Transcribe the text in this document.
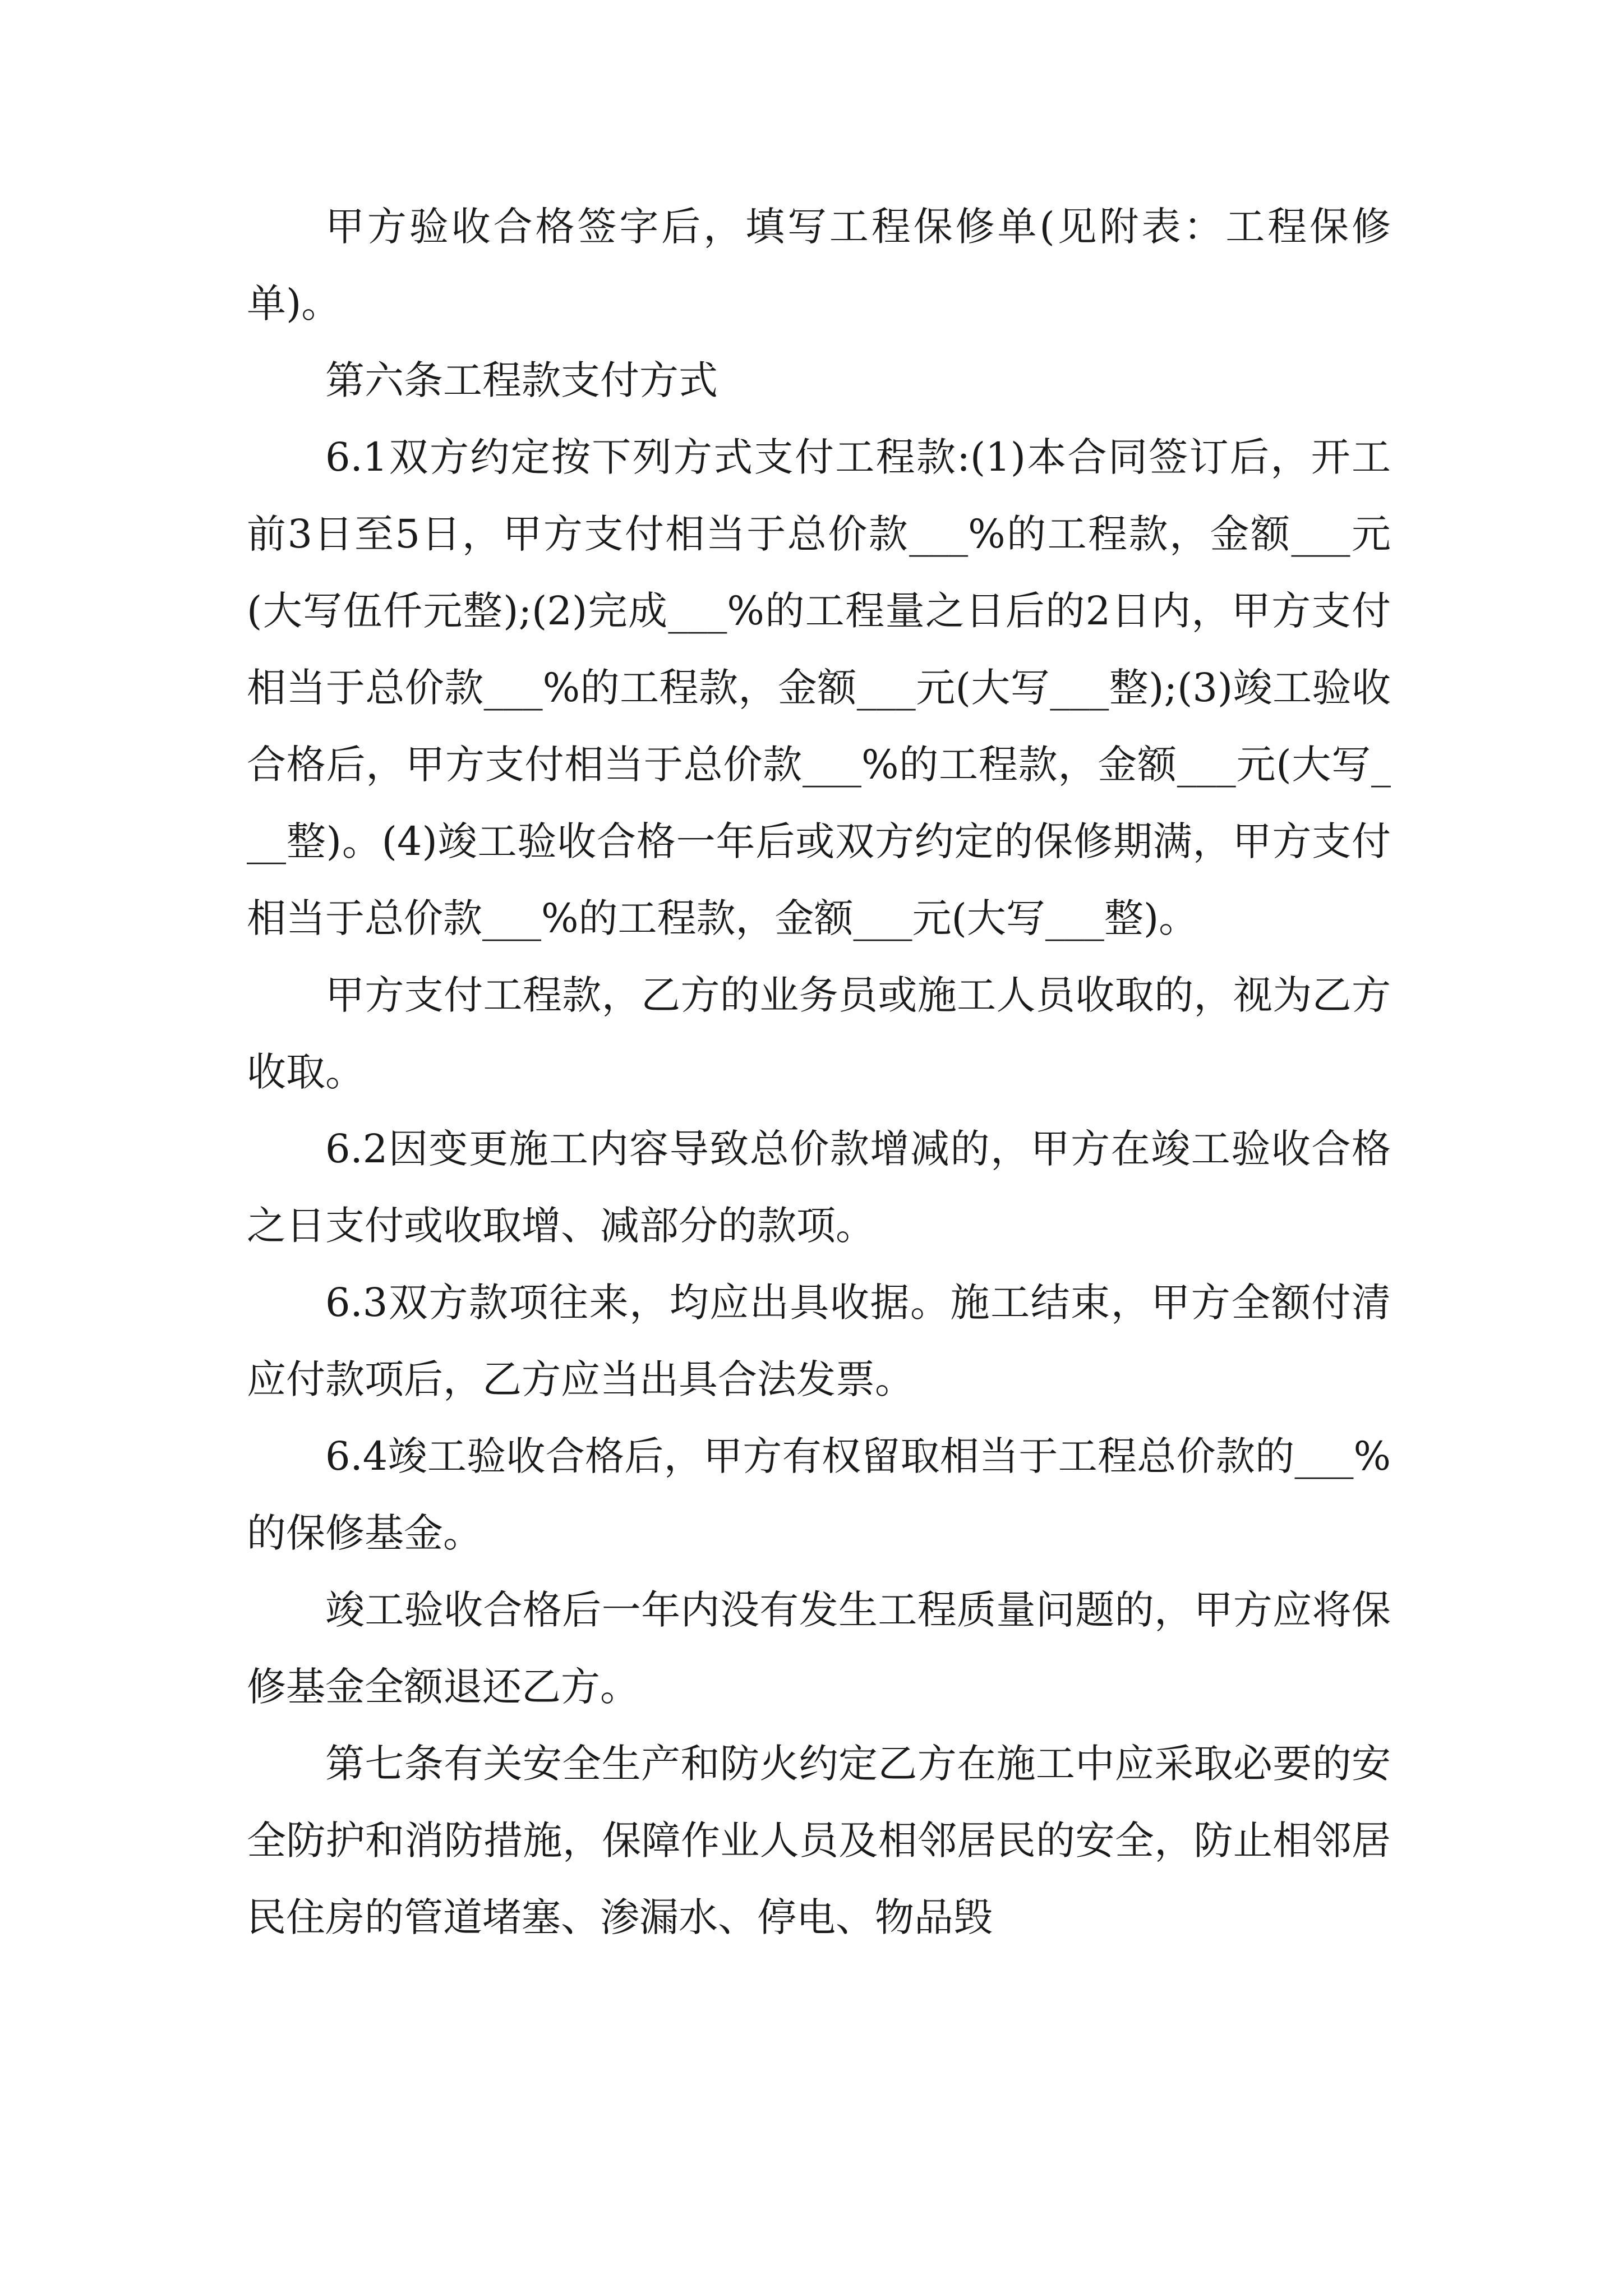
甲方验收合格签字后，填写工程保修单(见附表：工程保修单)。

第六条工程款支付方式

6.1双方约定按下列方式支付工程款:(1)本合同签订后，开工前3日至5日，甲方支付相当于总价款___%的工程款，金额___元(大写伍仟元整);(2)完成___%的工程量之日后的2日内，甲方支付相当于总价款___%的工程款，金额___元(大写___整);(3)竣工验收合格后，甲方支付相当于总价款___%的工程款，金额___元(大写___整)。(4)竣工验收合格一年后或双方约定的保修期满，甲方支付相当于总价款___%的工程款，金额___元(大写___整)。

甲方支付工程款，乙方的业务员或施工人员收取的，视为乙方收取。

6.2因变更施工内容导致总价款增减的，甲方在竣工验收合格之日支付或收取增、减部分的款项。

6.3双方款项往来，均应出具收据。施工结束，甲方全额付清应付款项后，乙方应当出具合法发票。

6.4竣工验收合格后，甲方有权留取相当于工程总价款的___%的保修基金。

竣工验收合格后一年内没有发生工程质量问题的，甲方应将保修基金全额退还乙方。

第七条有关安全生产和防火约定乙方在施工中应采取必要的安全防护和消防措施，保障作业人员及相邻居民的安全，防止相邻居民住房的管道堵塞、渗漏水、停电、物品毁
